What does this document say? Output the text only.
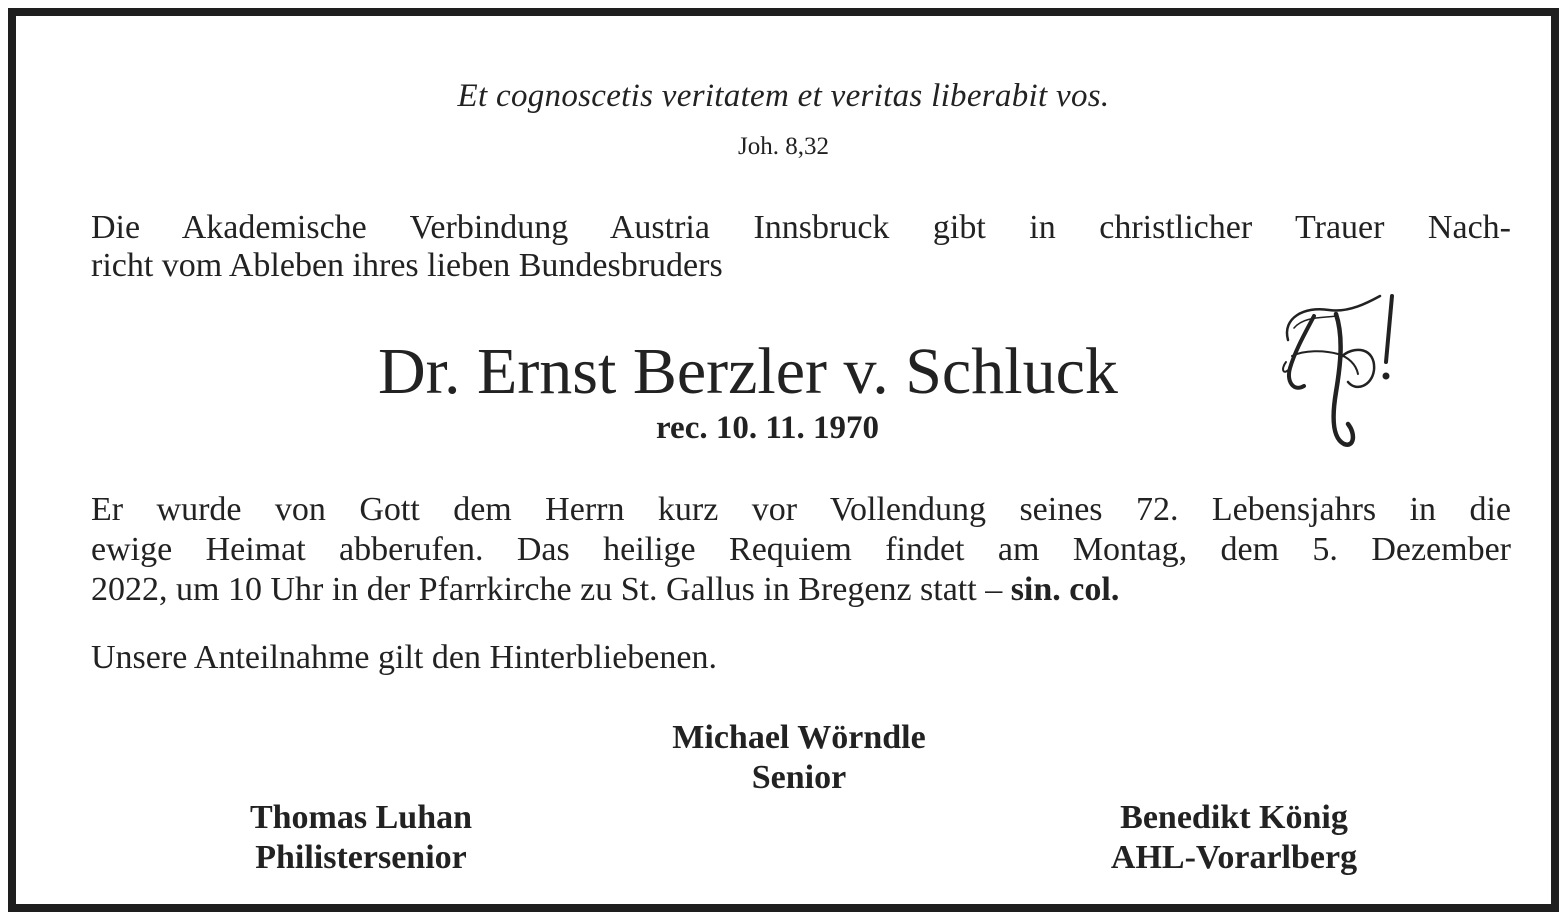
Et cognoscetis veritatem et veritas liberabit vos.
Joh. 8,32
Die Akademische Verbindung Austria Innsbruck gibt in christlicher Trauer Nach-
richt vom Ableben ihres lieben Bundesbruders
Dr. Ernst Berzler v. Schluck
rec. 10. 11. 1970
Er wurde von Gott dem Herrn kurz vor Vollendung seines 72. Lebensjahrs in die
ewige Heimat abberufen. Das heilige Requiem findet am Montag, dem 5. Dezember
2022, um 10 Uhr in der Pfarrkirche zu St. Gallus in Bregenz statt – sin. col.
Unsere Anteilnahme gilt den Hinterbliebenen.
Michael Wörndle
Senior
Thomas Luhan
Philistersenior
Benedikt König
AHL-Vorarlberg
